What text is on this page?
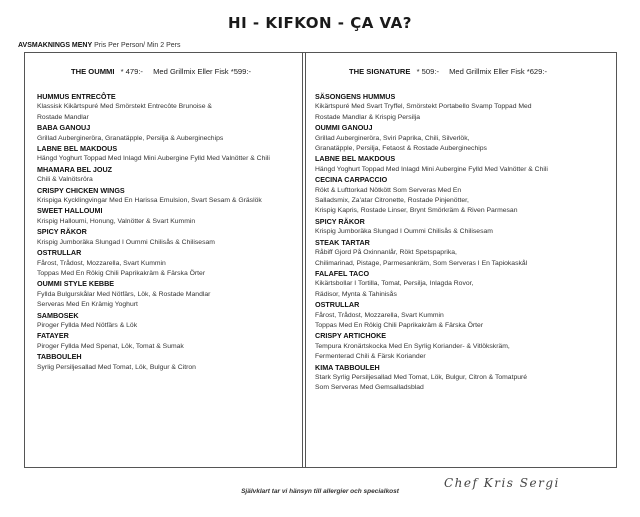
HI - KIFKON - ÇA VA?
AVSMAKNINGS MENY Pris Per Person/ Min 2 Pers
THE OUMMI * 479:- Med Grillmix Eller Fisk *599:-
HUMMUS ENTRECÔTE
Klassisk Kikärtspuré Med Smörstekt Entrecôte Brunoise &
Rostade Mandlar
BABA GANOUJ
Grillad Aubergineröra, Granatäpple, Persilja & Auberginechips
LABNE BEL MAKDOUS
Hängd Yoghurt Toppad Med Inlagd Mini Aubergine Fylld Med Valnötter & Chili
MHAMARA BEL JOUZ
Chili & Valnötsröra
CRISPY CHICKEN WINGS
Krispiga Kycklingvingar Med En Harissa Emulsion, Svart Sesam & Gräslök
SWEET HALLOUMI
Krispig Halloumi, Honung, Valnötter & Svart Kummin
SPICY RÄKOR
Krispig Jumboräka Slungad I Oummi Chilisås & Chilisesam
OSTRULLAR
Fårost, Trådost, Mozzarella, Svart Kummin
Toppas Med En Rökig Chili Paprikakräm & Färska Örter
OUMMI STYLE KEBBE
Fyllda Bulgurskålar Med Nötfärs, Lök, & Rostade Mandlar
Serveras Med En Krämig Yoghurt
SAMBOSEK
Piroger Fyllda Med Nötfärs & Lök
FATAYER
Piroger Fyllda Med Spenat, Lök, Tomat & Sumak
TABBOULEH
Syrlig Persiljesallad Med Tomat, Lök, Bulgur & Citron
THE SIGNATURE * 509:- Med Grillmix Eller Fisk *629:-
SÄSONGENS HUMMUS
Kikärtspuré Med Svart Tryffel, Smörstekt Portabello Svamp Toppad Med
Rostade Mandlar & Krispig Persilja
OUMMI GANOUJ
Grillad Aubergineröra, Sviri Paprika, Chili, Silverlök,
Granatäpple, Persilja, Fetaost & Rostade Auberginechips
LABNE BEL MAKDOUS
Hängd Yoghurt Toppad Med Inlagd Mini Aubergine Fylld Med Valnötter & Chili
CECINA CARPACCIO
Rökt & Lufttorkad Nötkött Som Serveras Med En
Salladsmix, Za'atar Citronette, Rostade Pinjenötter,
Krispig Kapris, Rostade Linser, Brynt Smörkräm & Riven Parmesan
SPICY RÄKOR
Krispig Jumboräka Slungad I Oummi Chilisås & Chilisesam
STEAK TARTAR
Råbiff Gjord På Oxinnanlår, Rökt Spetspaprika,
Chilimarinad, Pistage, Parmesankräm, Som Serveras I En Tapiokaskål
FALAFEL TACO
Kikärtsbollar I Tortilla, Tomat, Persilja, Inlagda Rovor,
Rädisor, Mynta & Tahinisås
OSTRULLAR
Fårost, Trådost, Mozzarella, Svart Kummin
Toppas Med En Rökig Chili Paprikakräm & Färska Örter
CRISPY ARTICHOKE
Tempura Kronärtskocka Med En Syrlig Koriander- & Vitlökskräm,
Fermenterad Chili & Färsk Koriander
KIMA TABBOULEH
Stark Syrlig Persiljesallad Med Tomat, Lök, Bulgur, Citron & Tomatpuré
Som Serveras Med Gemsalladsblad
Chef Kris Sergi
Självklart tar vi hänsyn till allergier och specialkost
